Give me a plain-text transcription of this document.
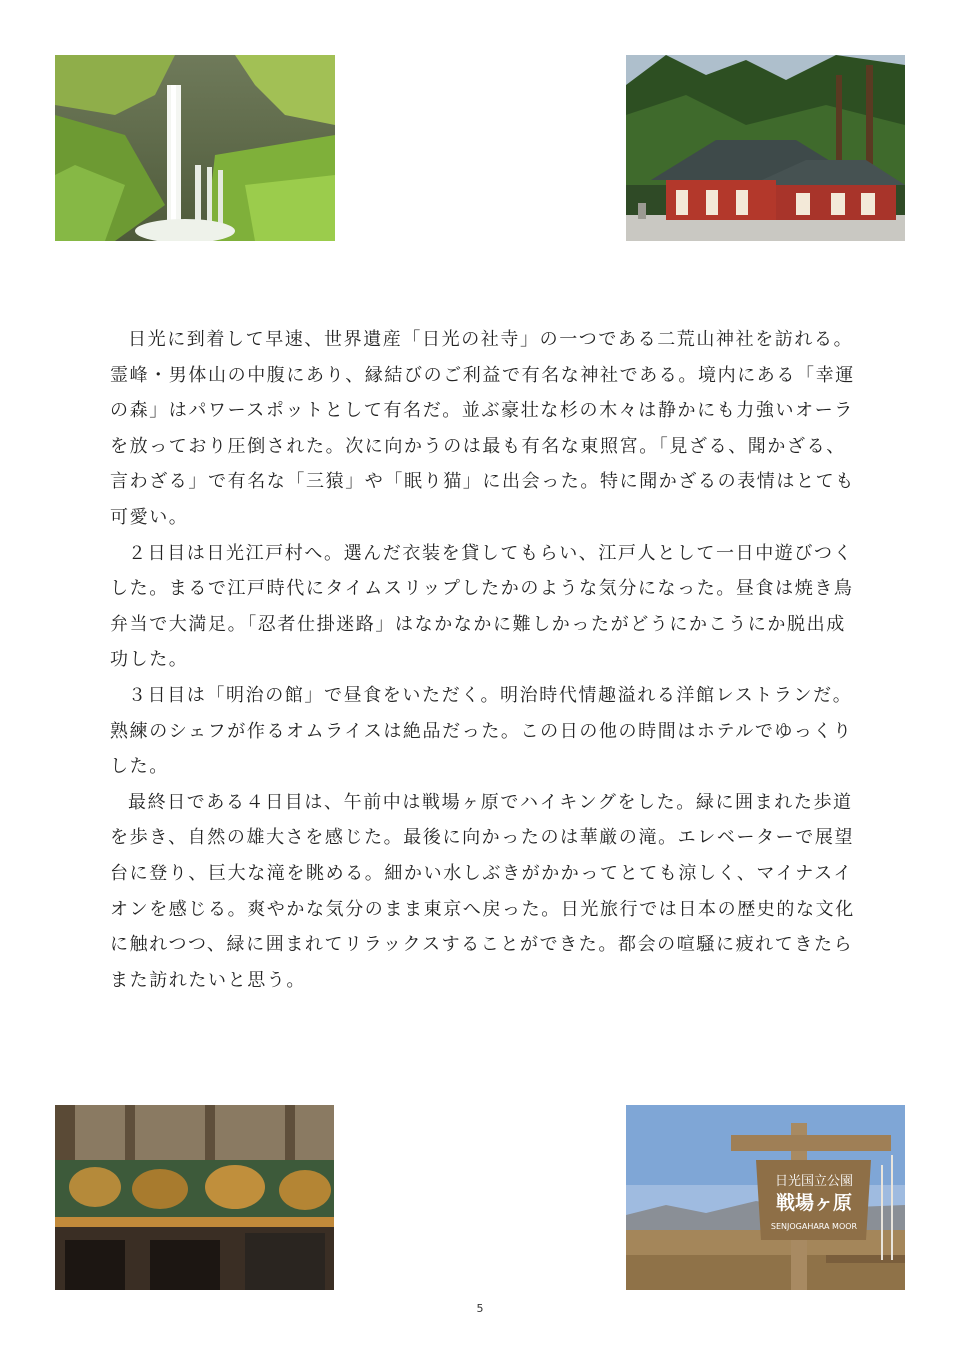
日光に到着して早速、世界遺産「日光の社寺」の一つである二荒山神社を訪れる。霊峰・男体山の中腹にあり、縁結びのご利益で有名な神社である。境内にある「幸運の森」はパワースポットとして有名だ。並ぶ豪壮な杉の木々は静かにも力強いオーラを放っており圧倒された。次に向かうのは最も有名な東照宮。「見ざる、聞かざる、言わざる」で有名な「三猿」や「眠り猫」に出会った。特に聞かざるの表情はとても可愛い。

２日目は日光江戸村へ。選んだ衣装を貸してもらい、江戸人として一日中遊びつくした。まるで江戸時代にタイムスリップしたかのような気分になった。昼食は焼き鳥弁当で大満足。「忍者仕掛迷路」はなかなかに難しかったがどうにかこうにか脱出成功した。

３日目は「明治の館」で昼食をいただく。明治時代情趣溢れる洋館レストランだ。熟練のシェフが作るオムライスは絶品だった。この日の他の時間はホテルでゆっくりした。

最終日である４日目は、午前中は戦場ヶ原でハイキングをした。緑に囲まれた歩道を歩き、自然の雄大さを感じた。最後に向かったのは華厳の滝。エレベーターで展望台に登り、巨大な滝を眺める。細かい水しぶきがかかってとても涼しく、マイナスイオンを感じる。爽やかな気分のまま東京へ戻った。日光旅行では日本の歴史的な文化に触れつつ、緑に囲まれてリラックスすることができた。都会の喧騒に疲れてきたらまた訪れたいと思う。

日光国立公園
戦場ヶ原
SENJOGAHARA MOOR
5
